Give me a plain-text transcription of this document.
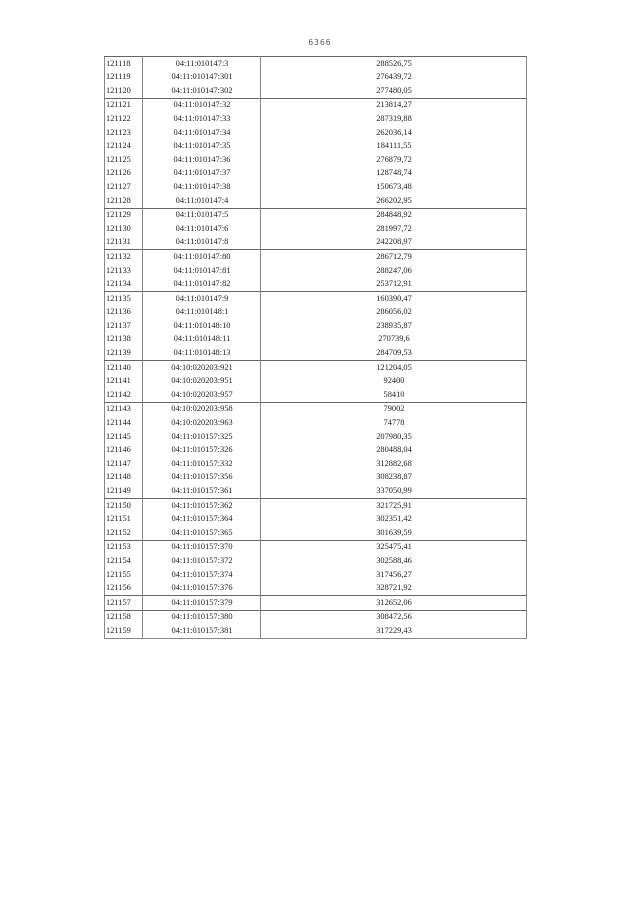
6366
121118	04:11:010147:3	288526,75
121119	04:11:010147:301	276439,72
121120	04:11:010147:302	277480,05
121121	04:11:010147:32	213814,27
121122	04:11:010147:33	287319,88
121123	04:11:010147:34	262036,14
121124	04:11:010147:35	184111,55
121125	04:11:010147:36	276879,72
121126	04:11:010147:37	128748,74
121127	04:11:010147:38	150673,48
121128	04:11:010147:4	266202,95
121129	04:11:010147:5	284848,92
121130	04:11:010147:6	281997,72
121131	04:11:010147:8	242208,97
121132	04:11:010147:80	286712,79
121133	04:11:010147:81	288247,06
121134	04:11:010147:82	253712,91
121135	04:11:010147:9	160390,47
121136	04:11:010148:1	286056,02
121137	04:11:010148:10	238935,87
121138	04:11:010148:11	270739,6
121139	04:11:010148:13	284709,53
121140	04:10:020203:921	121204,05
121141	04:10:020203:951	92400
121142	04:10:020203:957	58410
121143	04:10:020203:958	79002
121144	04:10:020203:963	74778
121145	04:11:010157:325	207980,35
121146	04:11:010157:326	280488,04
121147	04:11:010157:332	312882,68
121148	04:11:010157:356	308238,87
121149	04:11:010157:361	337050,99
121150	04:11:010157:362	321725,91
121151	04:11:010157:364	302351,42
121152	04:11:010157:365	301639,59
121153	04:11:010157:370	325475,41
121154	04:11:010157:372	302588,46
121155	04:11:010157:374	317456,27
121156	04:11:010157:376	328721,92
121157	04:11:010157:379	312652,06
121158	04:11:010157:380	308472,56
121159	04:11:010157:381	317229,43
